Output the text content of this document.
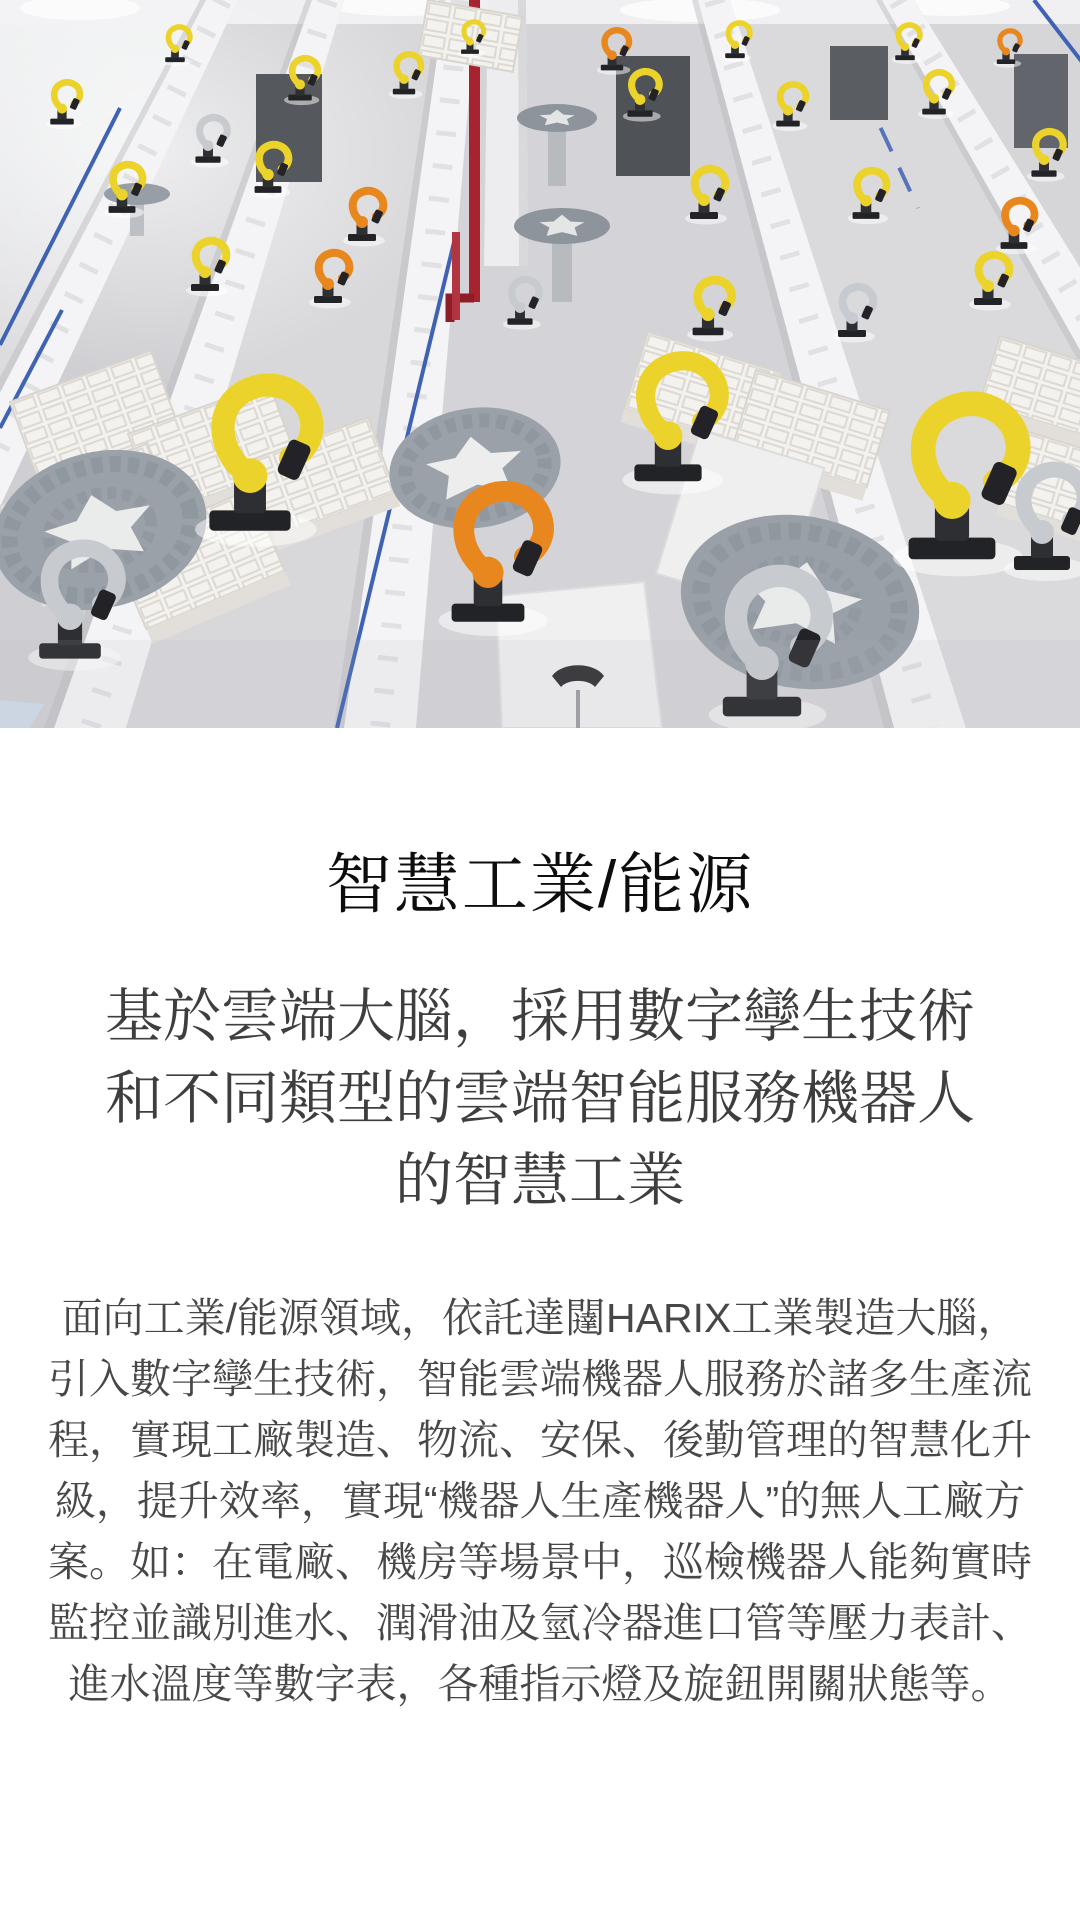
智慧工業/能源

基於雲端大腦，採用數字孿生技術和不同類型的雲端智能服務機器人的智慧工業

面向工業/能源領域，依託達闥HARIX工業製造大腦，引入數字孿生技術，智能雲端機器人服務於諸多生產流程，實現工廠製造、物流、安保、後勤管理的智慧化升級，提升效率，實現“機器人生產機器人”的無人工廠方案。如：在電廠、機房等場景中，巡檢機器人能夠實時監控並識別進水、潤滑油及氫冷器進口管等壓力表計、進水溫度等數字表，各種指示燈及旋鈕開關狀態等。
